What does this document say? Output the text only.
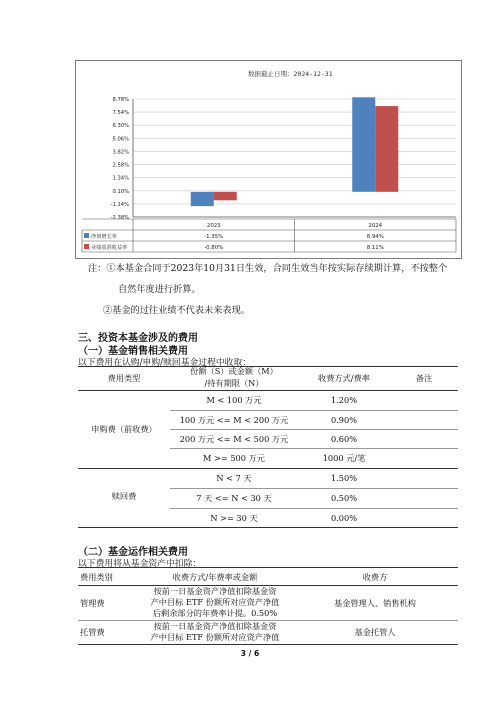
数据截止日期：2024-12-31
8.78%
7.54%
6.30%
5.06%
3.82%
2.58%
1.34%
0.10%
-1.14%
-2.38%
2023
-1.35%
-0.80%
2024
8.94%
8.11%
净值增长率
业绩基准收益率
注：①本基金合同于2023年10月31日生效，合同生效当年按实际存续期计算，不按整个
自然年度进行折算。
②基金的过往业绩不代表未来表现。
三、投资本基金涉及的费用
（一）基金销售相关费用
以下费用在认购/申购/赎回基金过程中收取：
费用类型
份额（S）或金额（M）
/持有期限（N）	收费方式/费率	备注
申购费（前收费）
M < 100 万元	1.20%
100 万元 <= M < 200 万元	0.90%
200 万元 <= M < 500 万元	0.60%
M >= 500 万元	1000 元/笔
赎回费
N < 7 天	1.50%
7 天 <= N < 30 天	0.50%
N >= 30 天	0.00%
（二）基金运作相关费用
以下费用将从基金资产中扣除：
费用类别	收费方式/年费率或金额	收费方
管理费
按前一日基金资产净值扣除基金资
产中目标 ETF 份额所对应资产净值
后剩余部分的年费率计提。0.50%
基金管理人、销售机构
托管费
按前一日基金资产净值扣除基金资
产中目标 ETF 份额所对应资产净值	基金托管人
3 / 6
